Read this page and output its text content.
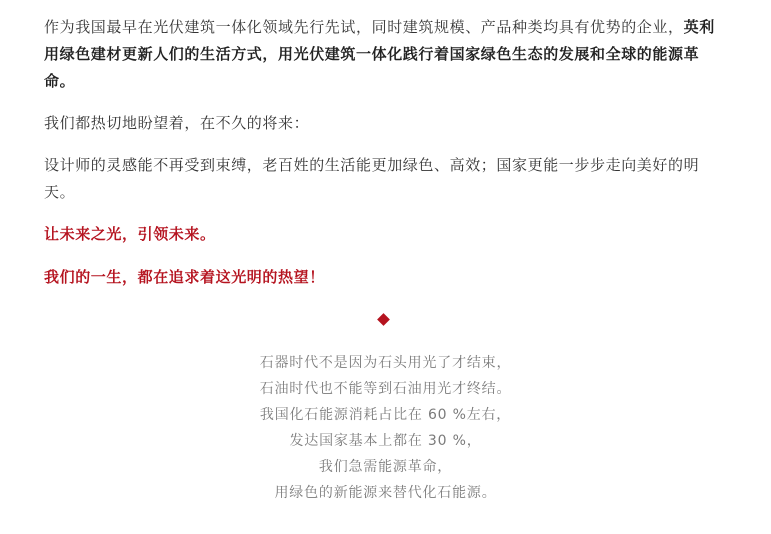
作为我国最早在光伏建筑一体化领域先行先试，同时建筑规模、产品种类均具有优势的企业，英利用绿色建材更新人们的生活方式，用光伏建筑一体化践行着国家绿色生态的发展和全球的能源革命。

我们都热切地盼望着，在不久的将来：

设计师的灵感能不再受到束缚，老百姓的生活能更加绿色、高效；国家更能一步步走向美好的明天。

让未来之光，引领未来。

我们的一生，都在追求着这光明的热望！

石器时代不是因为石头用光了才结束，
石油时代也不能等到石油用光才终结。
我国化石能源消耗占比在 60 %左右，
发达国家基本上都在 30 %，
我们急需能源革命，
用绿色的新能源来替代化石能源。
